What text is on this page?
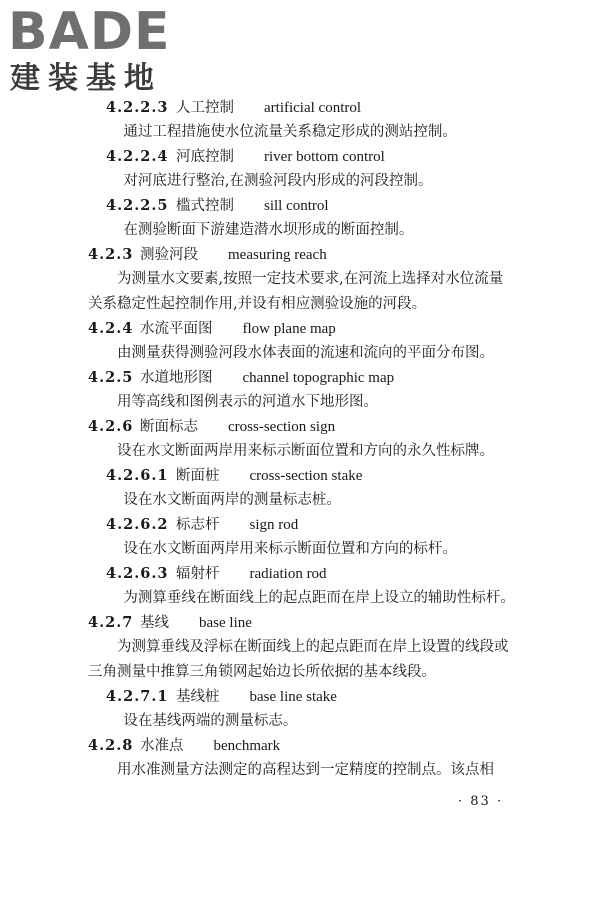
BADE
建装基地
4.2.2.3 人工控制 artificial control

通过工程措施使水位流量关系稳定形成的测站控制。

4.2.2.4 河底控制 river bottom control

对河底进行整治,在测验河段内形成的河段控制。

4.2.2.5 槛式控制 sill control

在测验断面下游建造潜水坝形成的断面控制。

4.2.3 测验河段 measuring reach

为测量水文要素,按照一定技术要求,在河流上选择对水位流量关系稳定性起控制作用,并设有相应测验设施的河段。

4.2.4 水流平面图 flow plane map

由测量获得测验河段水体表面的流速和流向的平面分布图。

4.2.5 水道地形图 channel topographic map

用等高线和图例表示的河道水下地形图。

4.2.6 断面标志 cross-section sign

设在水文断面两岸用来标示断面位置和方向的永久性标牌。

4.2.6.1 断面桩 cross-section stake

设在水文断面两岸的测量标志桩。

4.2.6.2 标志杆 sign rod

设在水文断面两岸用来标示断面位置和方向的标杆。

4.2.6.3 辐射杆 radiation rod

为测算垂线在断面线上的起点距而在岸上设立的辅助性标杆。

4.2.7 基线 base line

为测算垂线及浮标在断面线上的起点距而在岸上设置的线段或三角测量中推算三角锁网起始边长所依据的基本线段。

4.2.7.1 基线桩 base line stake

设在基线两端的测量标志。

4.2.8 水准点 benchmark

用水准测量方法测定的高程达到一定精度的控制点。该点相

· 83 ·
